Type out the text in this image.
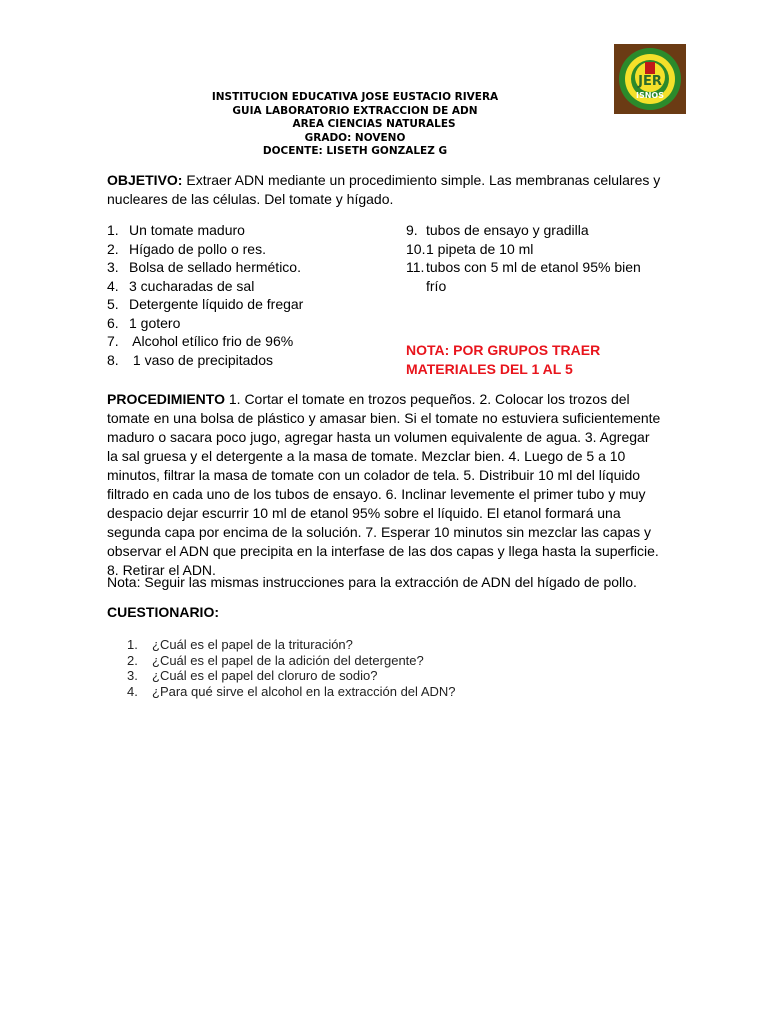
INSTITUCION EDUCATIVA JOSE EUSTACIO RIVERA
GUIA LABORATORIO EXTRACCION DE ADN
AREA CIENCIAS NATURALES
GRADO: NOVENO
DOCENTE: LISETH GONZALEZ G
JER
ISNOS
OBJETIVO: Extraer ADN mediante un procedimiento simple. Las membranas celulares y nucleares de las células. Del tomate y hígado.
1. Un tomate maduro
2. Hígado de pollo o res.
3. Bolsa de sellado hermético.
4. 3 cucharadas de sal
5. Detergente líquido de fregar
6. 1 gotero
7. Alcohol etílico frio de 96%
8. 1 vaso de precipitados
9. tubos de ensayo y gradilla
10. 1 pipeta de 10 ml
11. tubos con 5 ml de etanol 95% bien
frío
NOTA: POR GRUPOS TRAER MATERIALES DEL 1 AL 5
PROCEDIMIENTO 1. Cortar el tomate en trozos pequeños. 2. Colocar los trozos del tomate en una bolsa de plástico y amasar bien. Si el tomate no estuviera suficientemente maduro o sacara poco jugo, agregar hasta un volumen equivalente de agua. 3. Agregar la sal gruesa y el detergente a la masa de tomate. Mezclar bien. 4. Luego de 5 a 10 minutos, filtrar la masa de tomate con un colador de tela. 5. Distribuir 10 ml del líquido filtrado en cada uno de los tubos de ensayo. 6. Inclinar levemente el primer tubo y muy despacio dejar escurrir 10 ml de etanol 95% sobre el líquido. El etanol formará una segunda capa por encima de la solución. 7. Esperar 10 minutos sin mezclar las capas y observar el ADN que precipita en la interfase de las dos capas y llega hasta la superficie. 8. Retirar el ADN.
Nota: Seguir las mismas instrucciones para la extracción de ADN del hígado de pollo.
CUESTIONARIO:
1.	¿Cuál es el papel de la trituración?
2.	¿Cuál es el papel de la adición del detergente?
3.	¿Cuál es el papel del cloruro de sodio?
4.	¿Para qué sirve el alcohol en la extracción del ADN?
